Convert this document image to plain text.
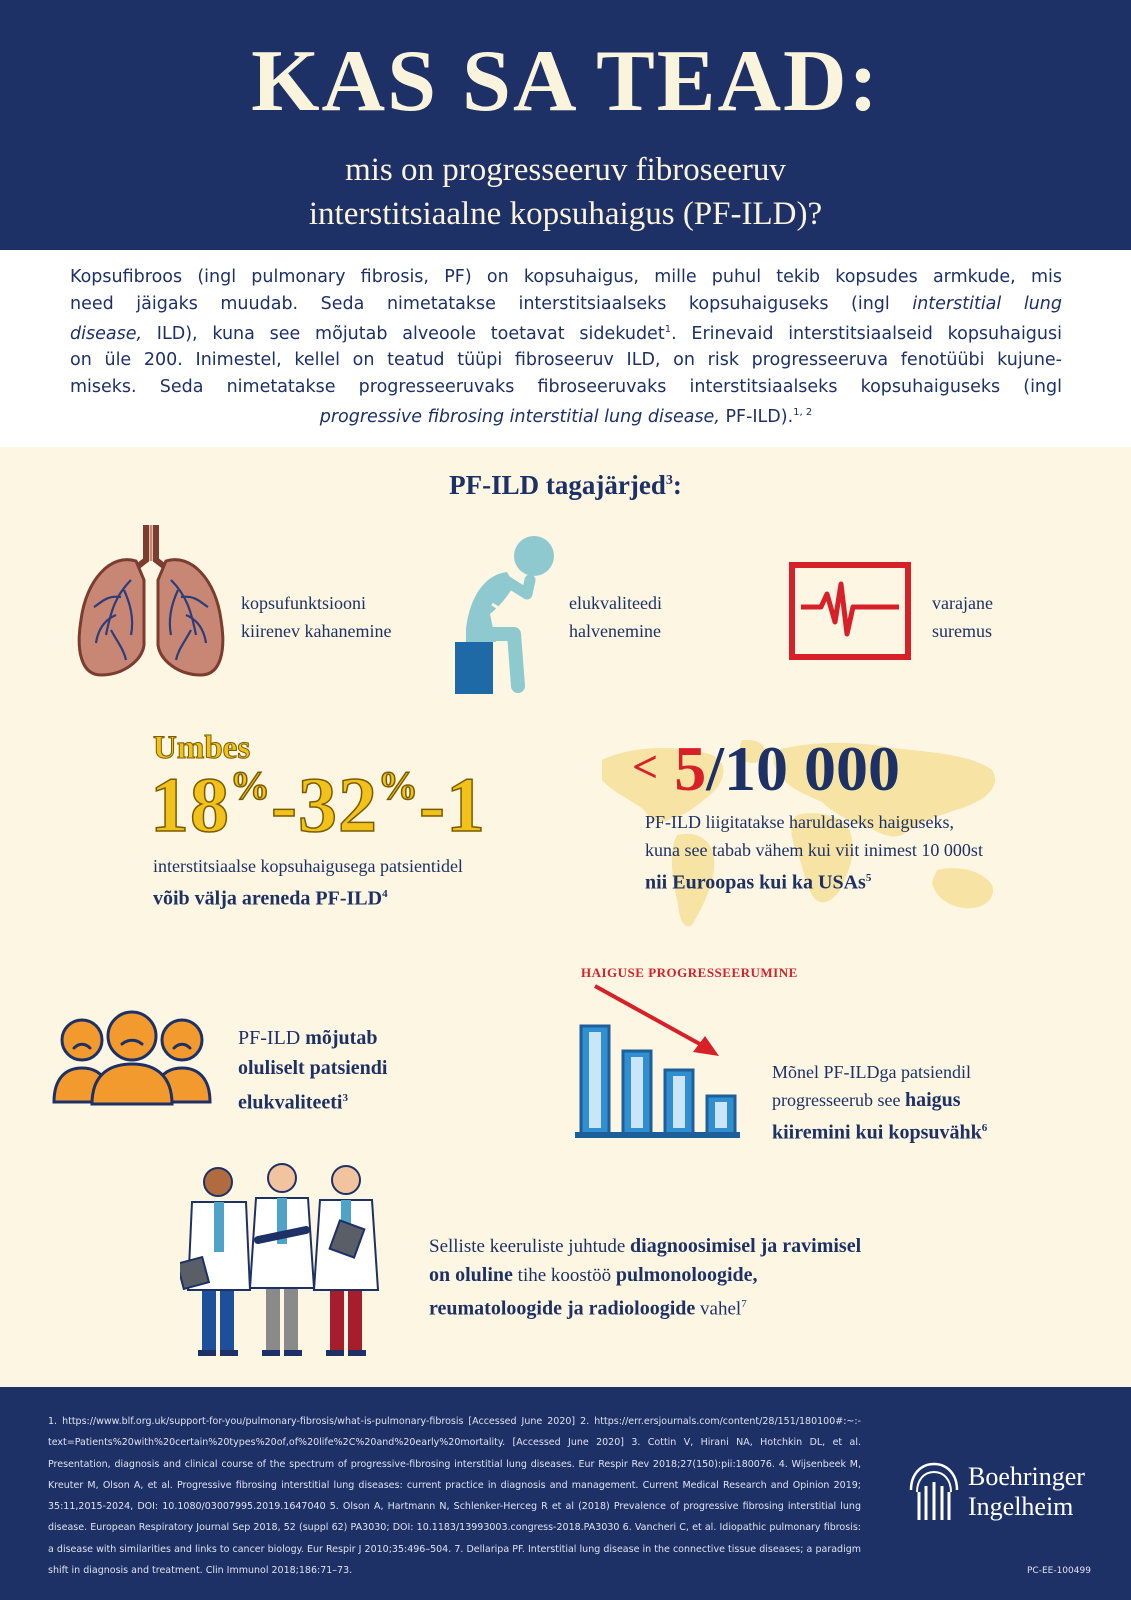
KAS SA TEAD:
mis on progresseeruv fibroseeruv
interstitsiaalne kopsuhaigus (PF-ILD)?
Kopsufibroos (ingl pulmonary fibrosis, PF) on kopsuhaigus, mille puhul tekib kopsudes armkude, mis
need jäigaks muudab. Seda nimetatakse interstitsiaalseks kopsuhaiguseks (ingl interstitial lung
disease, ILD), kuna see mõjutab alveoole toetavat sidekudet$^1$. Erinevaid interstitsiaalseid kopsuhaigusi
on üle 200. Inimestel, kellel on teatud tüüpi fibroseeruv ILD, on risk progresseeruva fenotüübi kujune-
miseks. Seda nimetatakse progresseeruvaks fibroseeruvaks interstitsiaalseks kopsuhaiguseks (ingl
progressive fibrosing interstitial lung disease, PF-ILD).$^{1, 2}$
PF-ILD tagajärjed$^3$:
kopsufunktsiooni
kiirenev kahanemine
elukvaliteedi
halvenemine
varajane
suremus
Umbes
18%-32%-1
interstitsiaalse kopsuhaigusega patsientidel
võib välja areneda $PF-ILD^4$
< 5/10 000
PF-ILD liigitatakse haruldaseks haiguseks,
kuna see tabab vähem kui viit inimest 10 000st
nii Euroopas kui ka USAs$^5$
PF-ILD mõjutab
oluliselt patsiendi
elukvaliteeti$^3$
HAIGUSE PROGRESSEERUMINE
Mõnel PF-ILDga patsiendil
progresseerub see haigus
kiiremini kui kopsuvähk$^6$
Selliste keeruliste juhtude diagnoosimisel ja ravimisel
on oluline tihe koostöö pulmonoloogide,
reumatoloogide ja radioloogide vahel$^7$
1. https://www.blf.org.uk/support-for-you/pulmonary-fibrosis/what-is-pulmonary-fibrosis [Accessed June 2020] 2. https://err.ersjournals.com/content/28/151/180100#:~:-text=Patients%20with%20certain%20types%20of,of%20life%2C%20and%20early%20mortality. [Accessed June 2020] 3. Cottin V, Hirani NA, Hotchkin DL, et al. Presentation, diagnosis and clinical course of the spectrum of progressive-fibrosing interstitial lung diseases. Eur Respir Rev 2018;27(150):pii:180076. 4. Wijsenbeek M, Kreuter M, Olson A, et al. Progressive fibrosing interstitial lung diseases: current practice in diagnosis and management. Current Medical Research and Opinion 2019; 35:11,2015-2024, DOI: 10.1080/03007995.2019.1647040 5. Olson A, Hartmann N, Schlenker-Herceg R et al (2018) Prevalence of progressive fibrosing interstitial lung disease. European Respiratory Journal Sep 2018, 52 (suppl 62) PA3030; DOI: 10.1183/13993003.congress-2018.PA3030 6. Vancheri C, et al. Idiopathic pulmonary fibrosis: a disease with similarities and links to cancer biology. Eur Respir J 2010;35:496–504. 7. Dellaripa PF. Interstitial lung disease in the connective tissue diseases; a paradigm shift in diagnosis and treatment. Clin Immunol 2018;186:71–73.
Boehringer
Ingelheim
PC-EE-100499
